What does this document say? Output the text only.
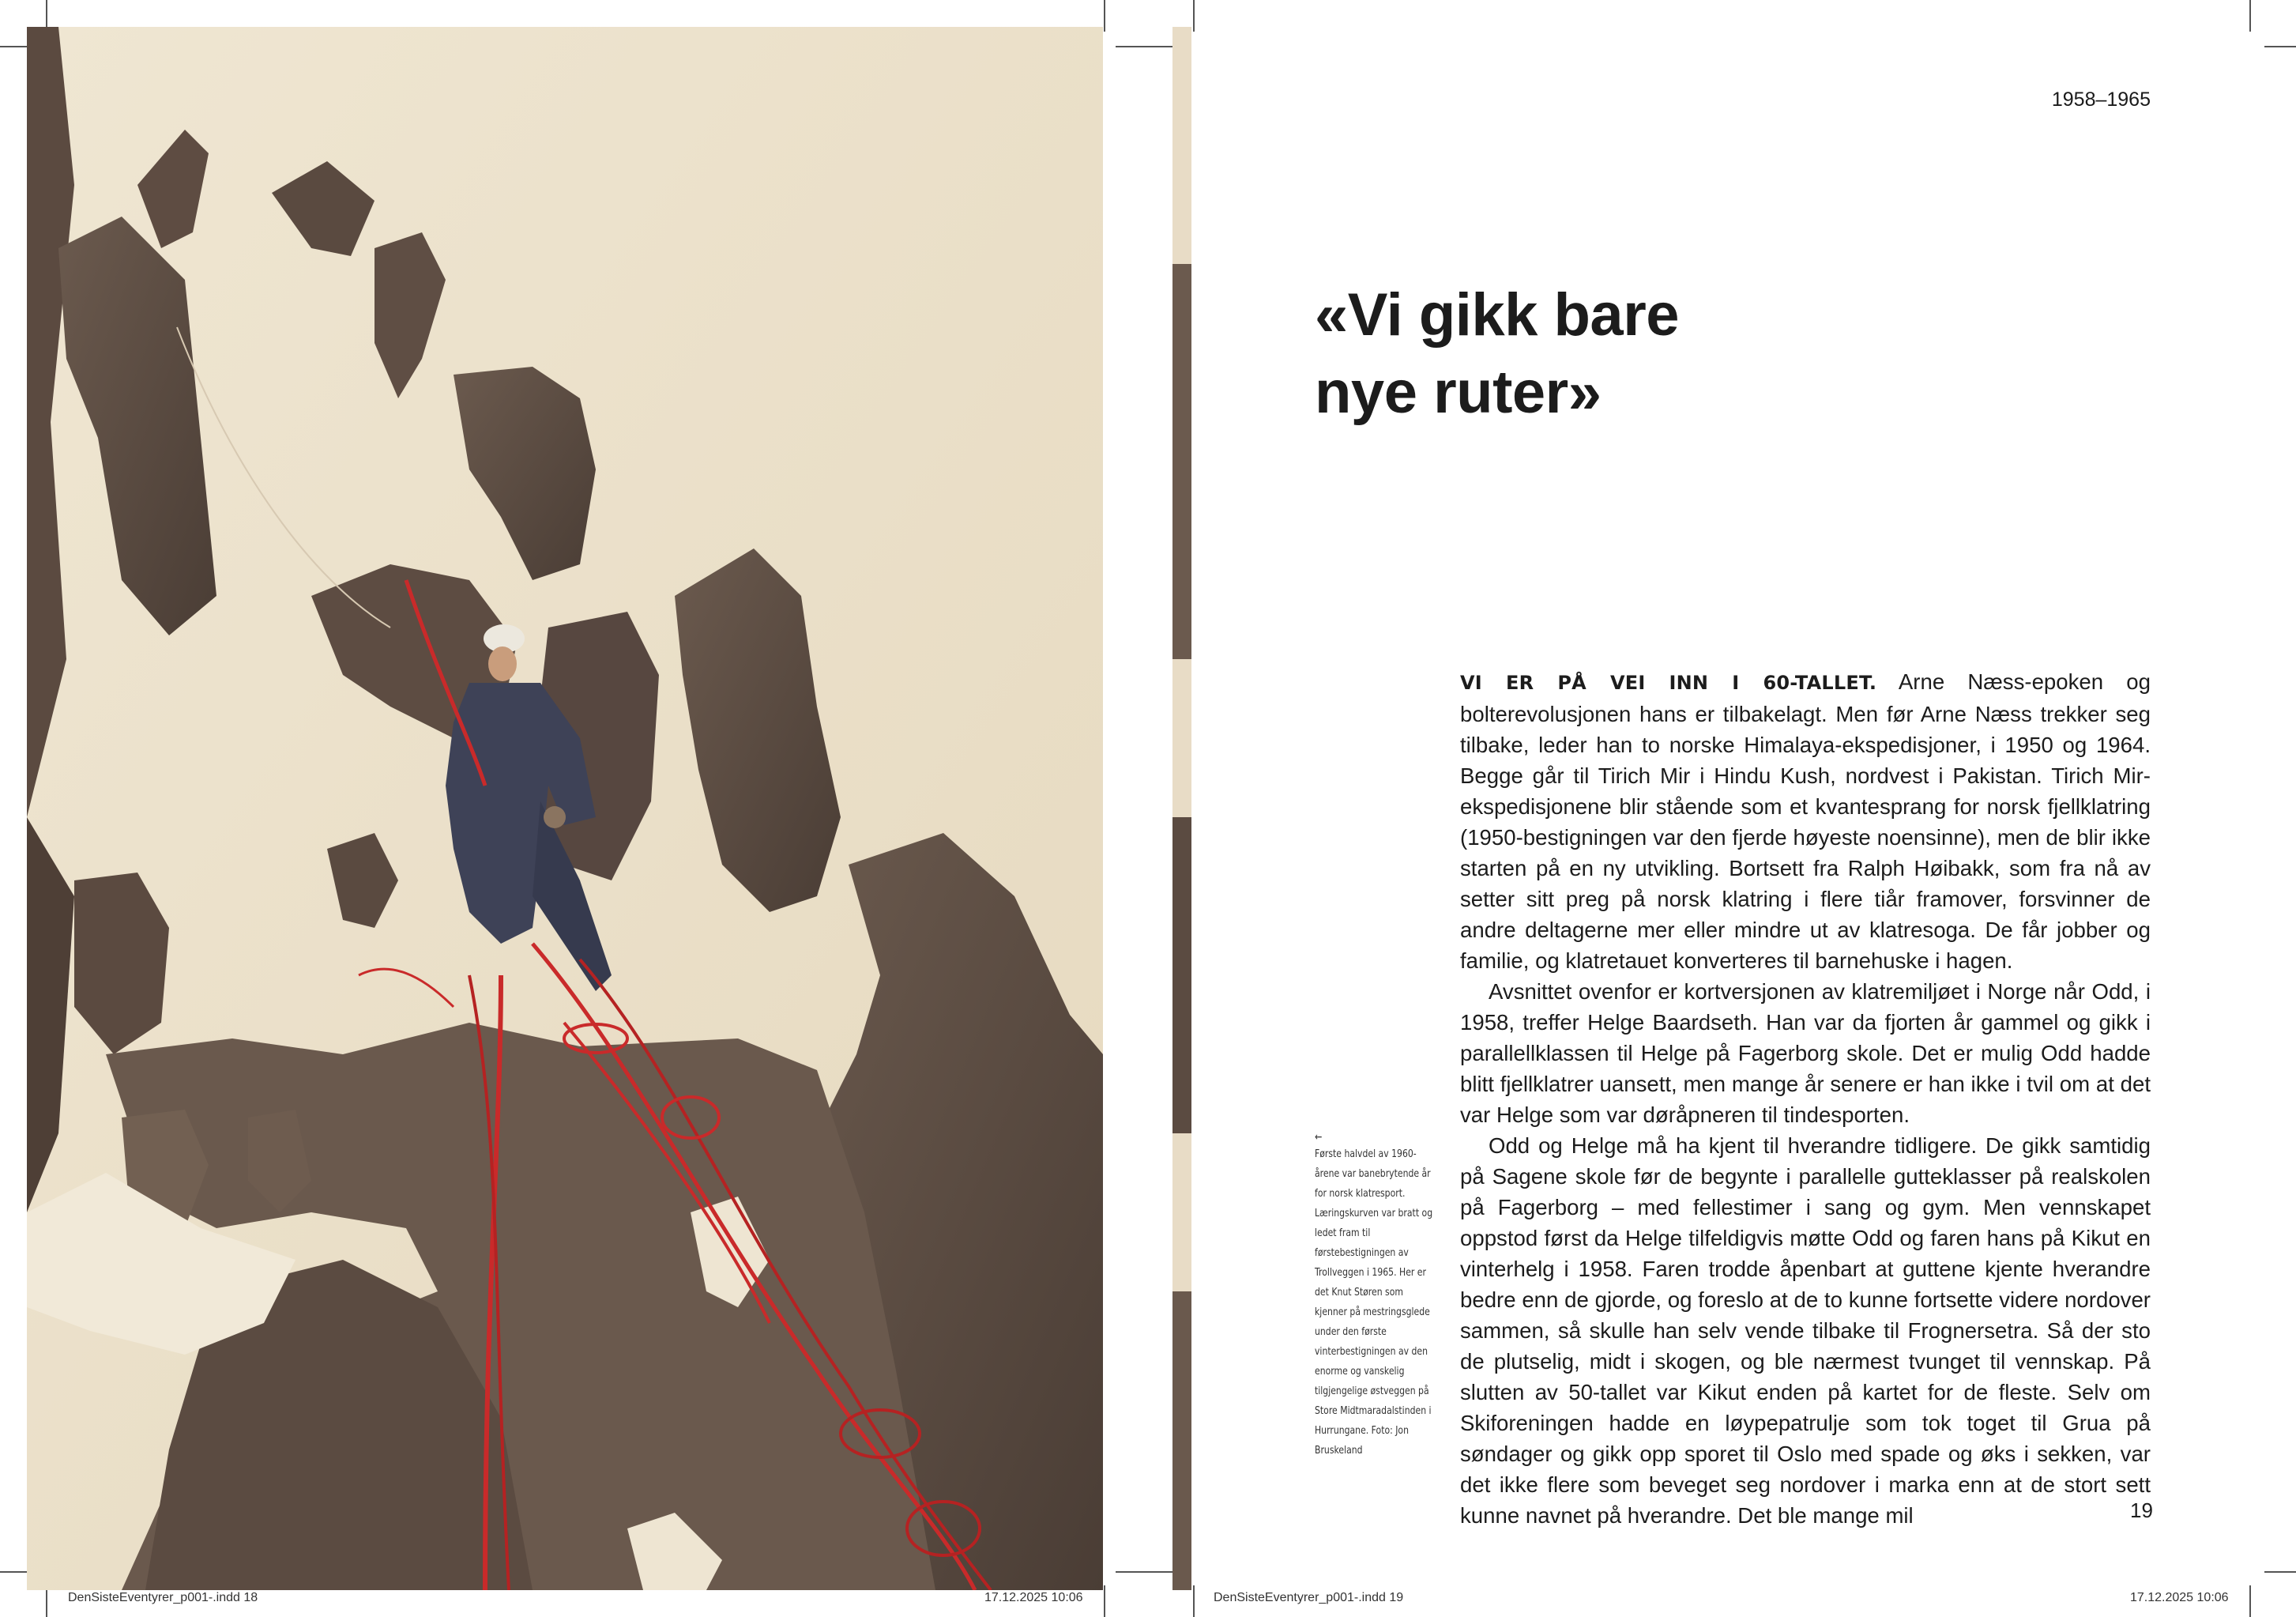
DenSisteEventyrer_p001-.indd 18	17.12.2025 10:06	DenSisteEventyrer_p001-.indd 19	17.12.2025 10:06
1958–1965
«Vi gikk bare
nye ruter»
←
Første halvdel av 1960-årene var banebrytende år for norsk klatresport. Læringskurven var bratt og ledet fram til førstebestigningen av Trollveggen i 1965. Her er det Knut Støren som kjenner på mestringsglede under den første vinterbestigningen av den enorme og vanskelig tilgjengelige østveggen på Store Midtmaradalstinden i Hurrungane. Foto: Jon Bruskeland

VI ER PÅ VEI INN I 60-TALLET. Arne Næss-epoken og bolterevolusjonen hans er tilbakelagt. Men før Arne Næss trekker seg tilbake, leder han to norske Himalaya-ekspedisjoner, i 1950 og 1964. Begge går til Tirich Mir i Hindu Kush, nordvest i Pakistan. Tirich Mir-ekspedisjonene blir stående som et kvantesprang for norsk fjellklatring (1950-bestigningen var den fjerde høyeste noensinne), men de blir ikke starten på en ny utvikling. Bortsett fra Ralph Høibakk, som fra nå av setter sitt preg på norsk klatring i flere tiår framover, forsvinner de andre deltagerne mer eller mindre ut av klatresoga. De får jobber og familie, og klatretauet konverteres til barnehuske i hagen.

Avsnittet ovenfor er kortversjonen av klatremiljøet i Norge når Odd, i 1958, treffer Helge Baardseth. Han var da fjorten år gammel og gikk i parallellklassen til Helge på Fagerborg skole. Det er mulig Odd hadde blitt fjellklatrer uansett, men mange år senere er han ikke i tvil om at det var Helge som var døråpneren til tindesporten.

Odd og Helge må ha kjent til hverandre tidligere. De gikk samtidig på Sagene skole før de begynte i parallelle gutteklasser på realskolen på Fagerborg – med fellestimer i sang og gym. Men vennskapet oppstod først da Helge tilfeldigvis møtte Odd og faren hans på Kikut en vinterhelg i 1958. Faren trodde åpenbart at guttene kjente hverandre bedre enn de gjorde, og foreslo at de to kunne fortsette videre nordover sammen, så skulle han selv vende tilbake til Frognersetra. Så der sto de plutselig, midt i skogen, og ble nærmest tvunget til vennskap. På slutten av 50-tallet var Kikut enden på kartet for de fleste. Selv om Skiforeningen hadde en løypepatrulje som tok toget til Grua på søndager og gikk opp sporet til Oslo med spade og øks i sekken, var det ikke flere som beveget seg nordover i marka enn at de stort sett kunne navnet på hverandre. Det ble mange mil	19
